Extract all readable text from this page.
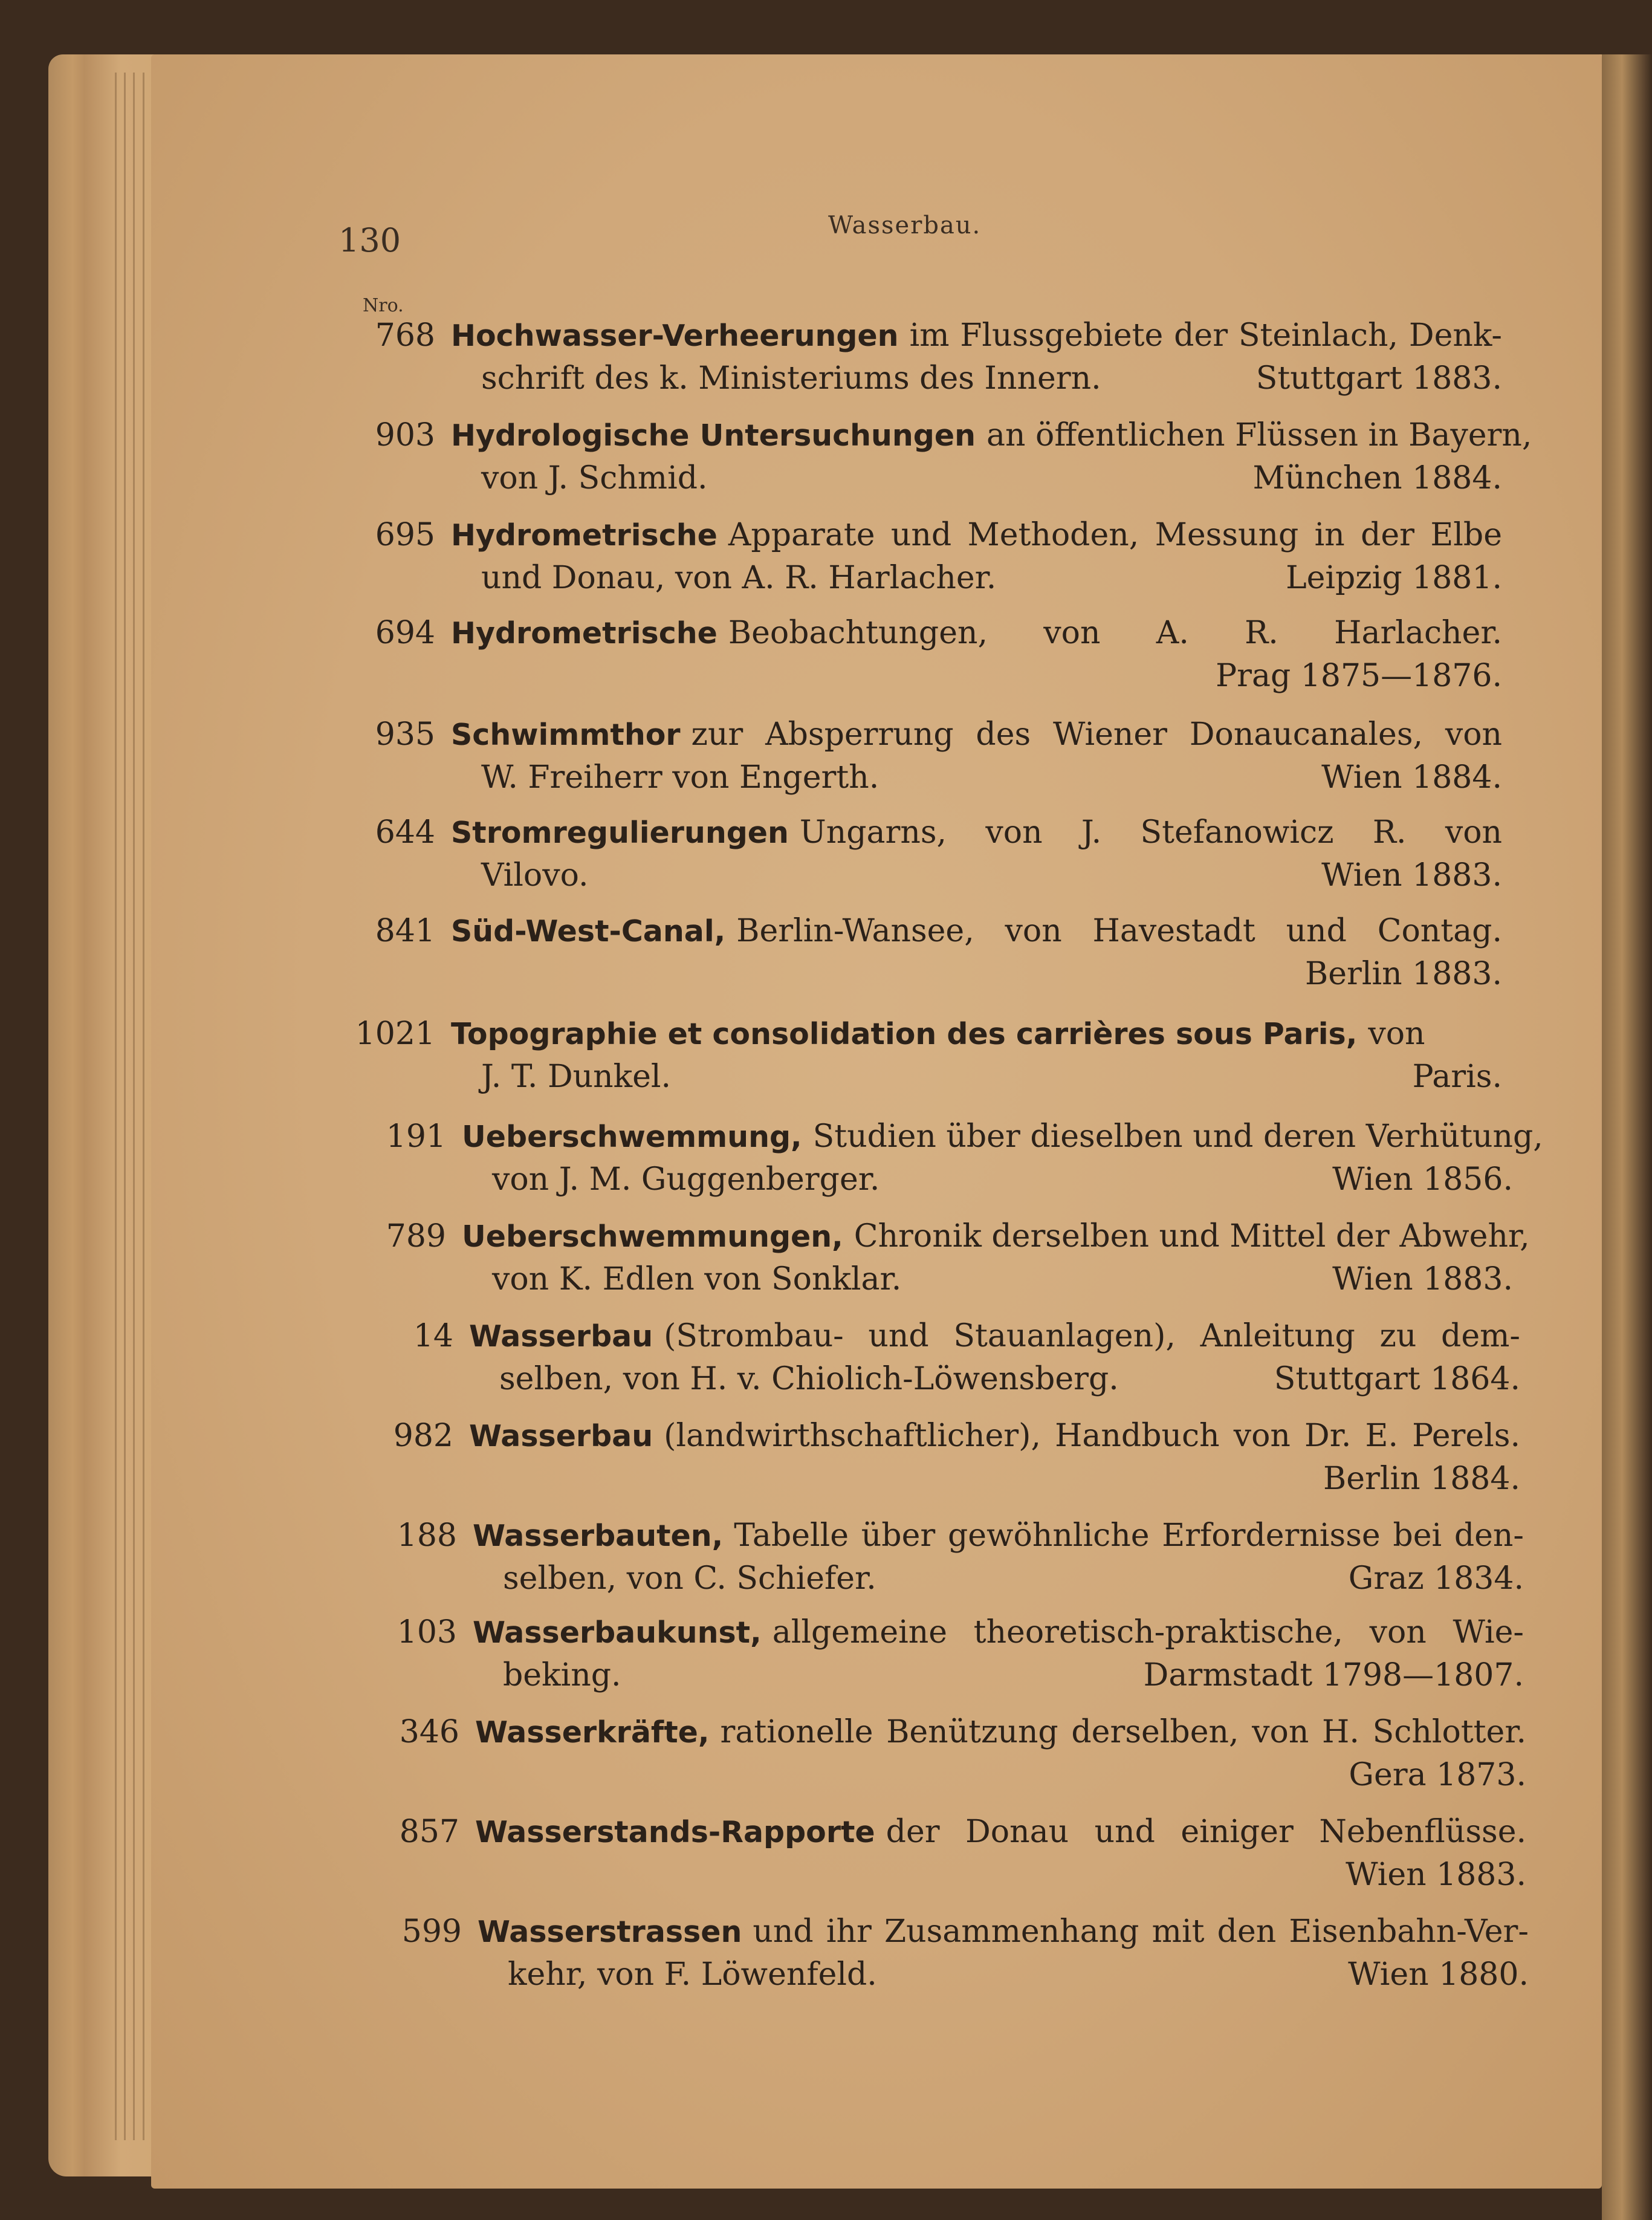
130	Wasserbau.
Nro.
768 Hochwasser-Verheerungen im Flussgebiete der Steinlach, Denk-
schrift des k. Ministeriums des Innern.	Stuttgart 1883.
903 Hydrologische Untersuchungen an öffentlichen Flüssen in Bayern,
von J. Schmid.	München 1884.
695 Hydrometrische Apparate und Methoden, Messung in der Elbe
und Donau, von A. R. Harlacher.	Leipzig 1881.
694 Hydrometrische Beobachtungen, von A. R. Harlacher.
Prag 1875—1876.
935 Schwimmthor zur Absperrung des Wiener Donaucanales, von
W. Freiherr von Engerth.	Wien 1884.
644 Stromregulierungen Ungarns, von J. Stefanowicz R. von
Vilovo.	Wien 1883.
841 Süd-West-Canal, Berlin-Wansee, von Havestadt und Contag.
Berlin 1883.
1021 Topographie et consolidation des carrières sous Paris, von
J. T. Dunkel.	Paris.
191 Ueberschwemmung, Studien über dieselben und deren Verhütung,
von J. M. Guggenberger.	Wien 1856.
789 Ueberschwemmungen, Chronik derselben und Mittel der Abwehr,
von K. Edlen von Sonklar.	Wien 1883.
14 Wasserbau (Strombau- und Stauanlagen), Anleitung zu dem-
selben, von H. v. Chiolich-Löwensberg.	Stuttgart 1864.
982 Wasserbau (landwirthschaftlicher), Handbuch von Dr. E. Perels.
Berlin 1884.
188 Wasserbauten, Tabelle über gewöhnliche Erfordernisse bei den-
selben, von C. Schiefer.	Graz 1834.
103 Wasserbaukunst, allgemeine theoretisch-praktische, von Wie-
beking.	Darmstadt 1798—1807.
346 Wasserkräfte, rationelle Benützung derselben, von H. Schlotter.
Gera 1873.
857 Wasserstands-Rapporte der Donau und einiger Nebenflüsse.
Wien 1883.
599 Wasserstrassen und ihr Zusammenhang mit den Eisenbahn-Ver-
kehr, von F. Löwenfeld.	Wien 1880.
